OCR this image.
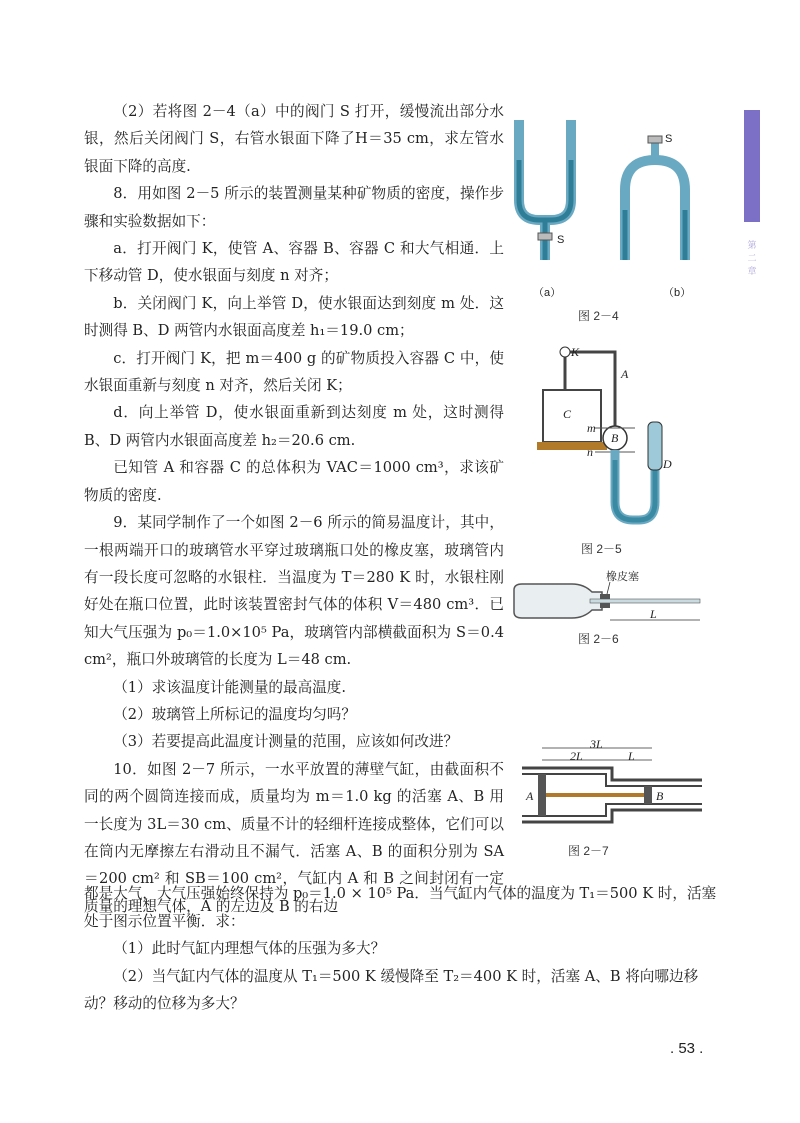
第二章

（2）若将图 2－4（a）中的阀门 S 打开，缓慢流出部分水银，然后关闭阀门 S，右管水银面下降了H＝35 cm，求左管水银面下降的高度.

8．用如图 2－5 所示的装置测量某种矿物质的密度，操作步骤和实验数据如下：

a．打开阀门 K，使管 A、容器 B、容器 C 和大气相通．上下移动管 D，使水银面与刻度 n 对齐；

b．关闭阀门 K，向上举管 D，使水银面达到刻度 m 处．这时测得 B、D 两管内水银面高度差 h₁＝19.0 cm；

c．打开阀门 K，把 m＝400 g 的矿物质投入容器 C 中，使水银面重新与刻度 n 对齐，然后关闭 K；

d．向上举管 D，使水银面重新到达刻度 m 处，这时测得 B、D 两管内水银面高度差 h₂＝20.6 cm.

已知管 A 和容器 C 的总体积为 VAC＝1000 cm³，求该矿物质的密度.

9．某同学制作了一个如图 2－6 所示的简易温度计，其中，一根两端开口的玻璃管水平穿过玻璃瓶口处的橡皮塞，玻璃管内有一段长度可忽略的水银柱．当温度为 T＝280 K 时，水银柱刚好处在瓶口位置，此时该装置密封气体的体积 V＝480 cm³．已知大气压强为 p₀＝1.0×10⁵ Pa，玻璃管内部横截面积为 S＝0.4 cm²，瓶口外玻璃管的长度为 L＝48 cm.

（1）求该温度计能测量的最高温度.

（2）玻璃管上所标记的温度均匀吗？

（3）若要提高此温度计测量的范围，应该如何改进？

10．如图 2－7 所示，一水平放置的薄壁气缸，由截面积不同的两个圆筒连接而成，质量均为 m＝1.0 kg 的活塞 A、B 用一长度为 3L＝30 cm、质量不计的轻细杆连接成整体，它们可以在筒内无摩擦左右滑动且不漏气．活塞 A、B 的面积分别为 SA＝200 cm² 和 SB＝100 cm²，气缸内 A 和 B 之间封闭有一定质量的理想气体，A 的左边及 B 的右边

都是大气，大气压强始终保持为 p₀＝1.0 × 10⁵ Pa．当气缸内气体的温度为 T₁＝500 K 时，活塞处于图示位置平衡．求：

（1）此时气缸内理想气体的压强为多大？

（2）当气缸内气体的温度从 T₁＝500 K 缓慢降至 T₂＝400 K 时，活塞 A、B 将向哪边移动？移动的位移为多大？

S
S
（a）	（b）
图 2－4
K
A
C
B
D
m
n
图 2－5
橡皮塞
L
图 2－6
3L
2L	L
A	B
图 2－7
. 53 .
